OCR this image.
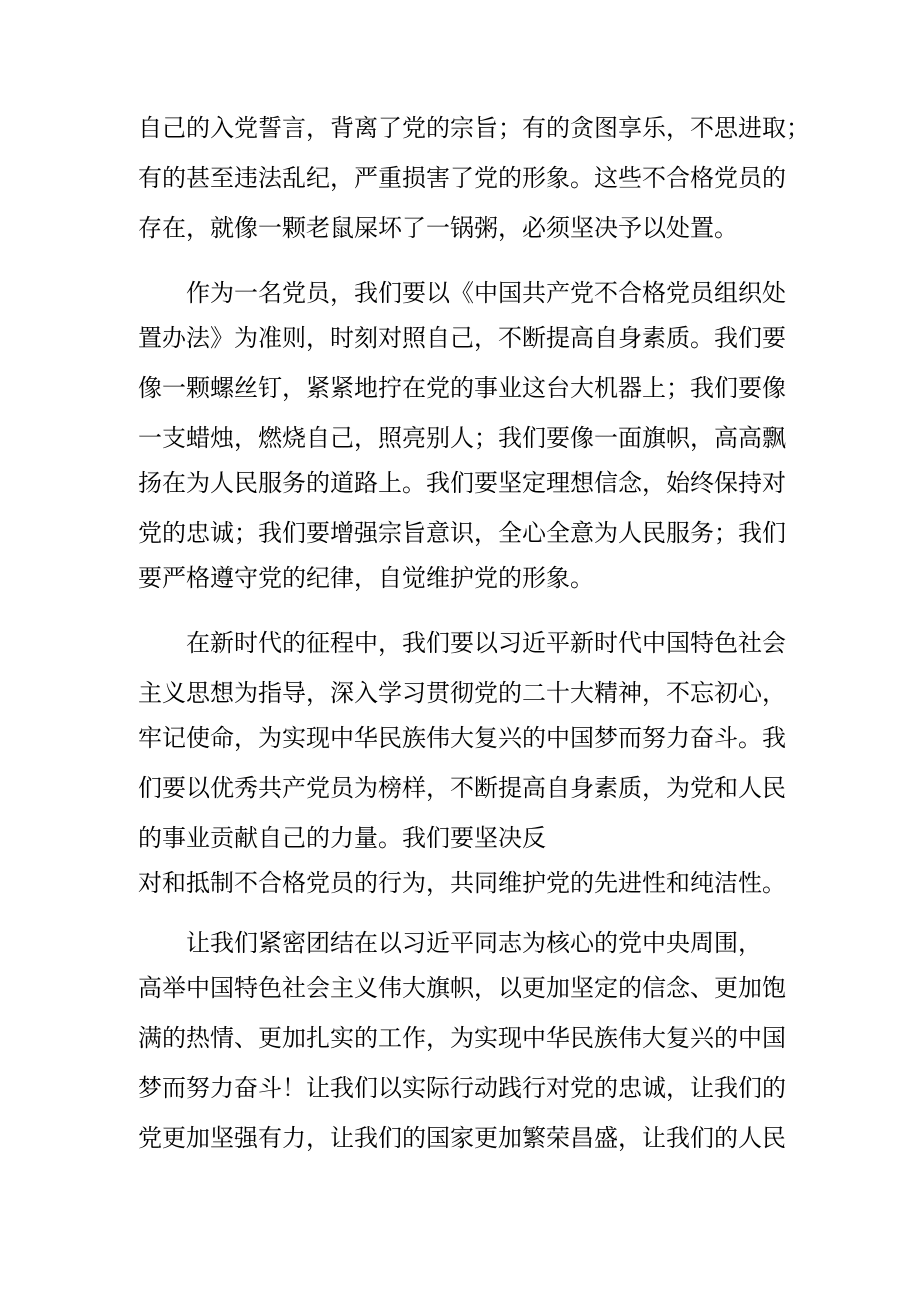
自己的入党誓言，背离了党的宗旨；有的贪图享乐，不思进取；
有的甚至违法乱纪，严重损害了党的形象。这些不合格党员的
存在，就像一颗老鼠屎坏了一锅粥，必须坚决予以处置。
作为一名党员，我们要以《中国共产党不合格党员组织处
置办法》为准则，时刻对照自己，不断提高自身素质。我们要
像一颗螺丝钉，紧紧地拧在党的事业这台大机器上；我们要像
一支蜡烛，燃烧自己，照亮别人；我们要像一面旗帜，高高飘
扬在为人民服务的道路上。我们要坚定理想信念，始终保持对
党的忠诚；我们要增强宗旨意识，全心全意为人民服务；我们
要严格遵守党的纪律，自觉维护党的形象。
在新时代的征程中，我们要以习近平新时代中国特色社会
主义思想为指导，深入学习贯彻党的二十大精神，不忘初心，
牢记使命，为实现中华民族伟大复兴的中国梦而努力奋斗。我
们要以优秀共产党员为榜样，不断提高自身素质，为党和人民
的事业贡献自己的力量。我们要坚决反
对和抵制不合格党员的行为，共同维护党的先进性和纯洁性。
让我们紧密团结在以习近平同志为核心的党中央周围，
高举中国特色社会主义伟大旗帜，以更加坚定的信念、更加饱
满的热情、更加扎实的工作，为实现中华民族伟大复兴的中国
梦而努力奋斗！让我们以实际行动践行对党的忠诚，让我们的
党更加坚强有力，让我们的国家更加繁荣昌盛，让我们的人民
